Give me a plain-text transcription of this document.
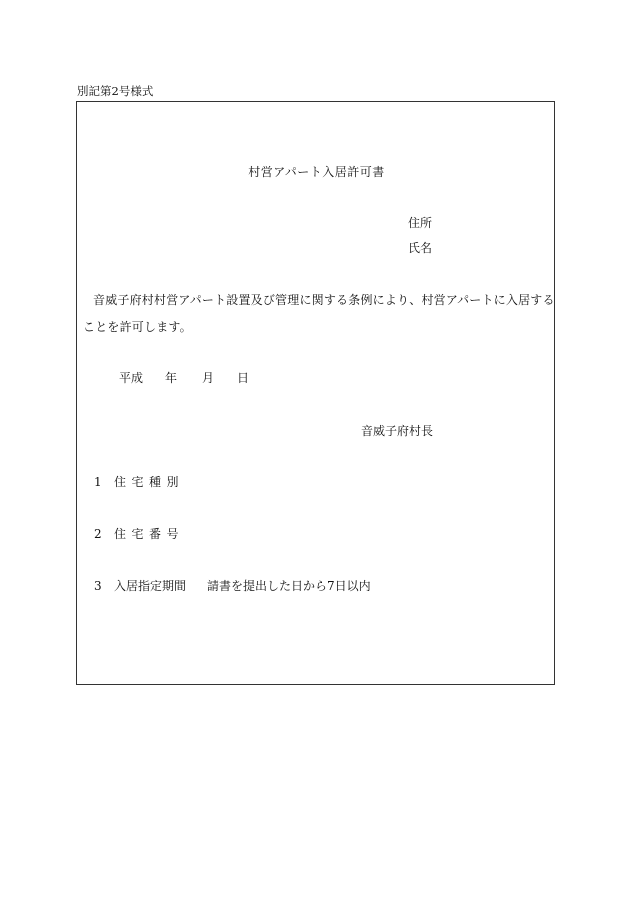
別記第2号様式
村営アパート入居許可書
住所
氏名
音威子府村村営アパート設置及び管理に関する条例により、村営アパートに入居する
ことを許可します。
平成 年 月 日
音威子府村長
1 住宅種別
2 住宅番号
3 入居指定期間 請書を提出した日から7日以内
